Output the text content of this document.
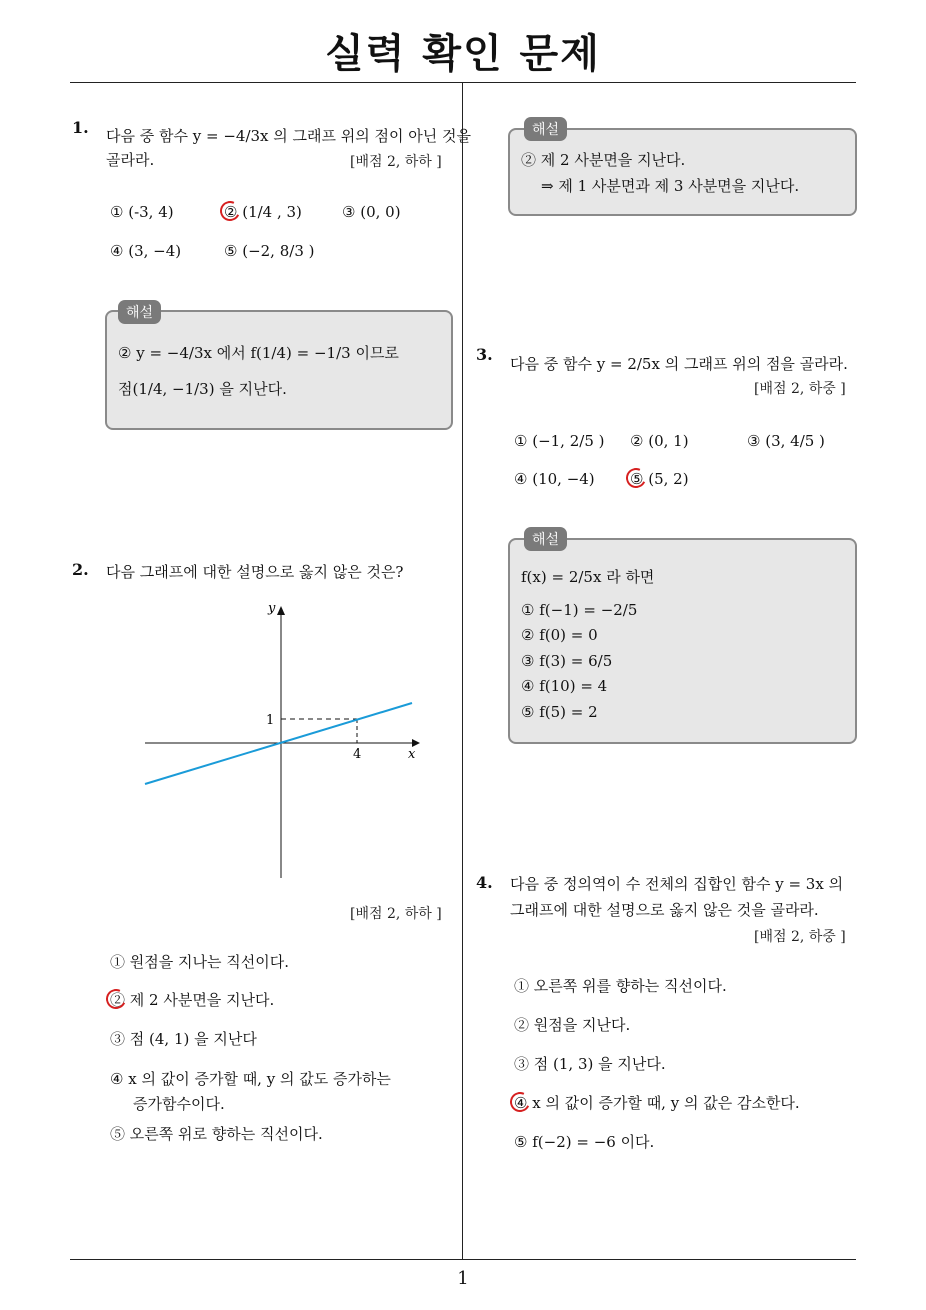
실력 확인 문제
1
1. 다음 중 함수 y = −4/3x 의 그래프 위의 점이 아닌 것을
골라라.	[배점 2, 하하 ]
① (-3, 4)	② (1/4 , 3)	③ (0, 0)
④ (3, −4)	⑤ (−2, 8/3 )
해설
② y = −4/3x 에서 f(1/4) = −1/3 이므로
점(1/4, −1/3) 을 지난다.
2. 다음 그래프에 대한 설명으로 옳지 않은 것은?
x
y
1
4
[배점 2, 하하 ]
① 원점을 지나는 직선이다.
② 제 2 사분면을 지난다.
③ 점 (4, 1) 을 지난다
④ x 의 값이 증가할 때, y 의 값도 증가하는
증가함수이다.
⑤ 오른쪽 위로 향하는 직선이다.
해설
② 제 2 사분면을 지난다.
⇒ 제 1 사분면과 제 3 사분면을 지난다.
3. 다음 중 함수 y = 2/5x 의 그래프 위의 점을 골라라.
[배점 2, 하중 ]
① (−1, 2/5 ) ② (0, 1)	③ (3, 4/5 )
④ (10, −4) ⑤ (5, 2)
해설
f(x) = 2/5x 라 하면
① f(−1) = −2/5
② f(0) = 0
③ f(3) = 6/5
④ f(10) = 4
⑤ f(5) = 2
4. 다음 중 정의역이 수 전체의 집합인 함수 y = 3x 의
그래프에 대한 설명으로 옳지 않은 것을 골라라.
[배점 2, 하중 ]
① 오른쪽 위를 향하는 직선이다.
② 원점을 지난다.
③ 점 (1, 3) 을 지난다.
④ x 의 값이 증가할 때, y 의 값은 감소한다.
⑤ f(−2) = −6 이다.
